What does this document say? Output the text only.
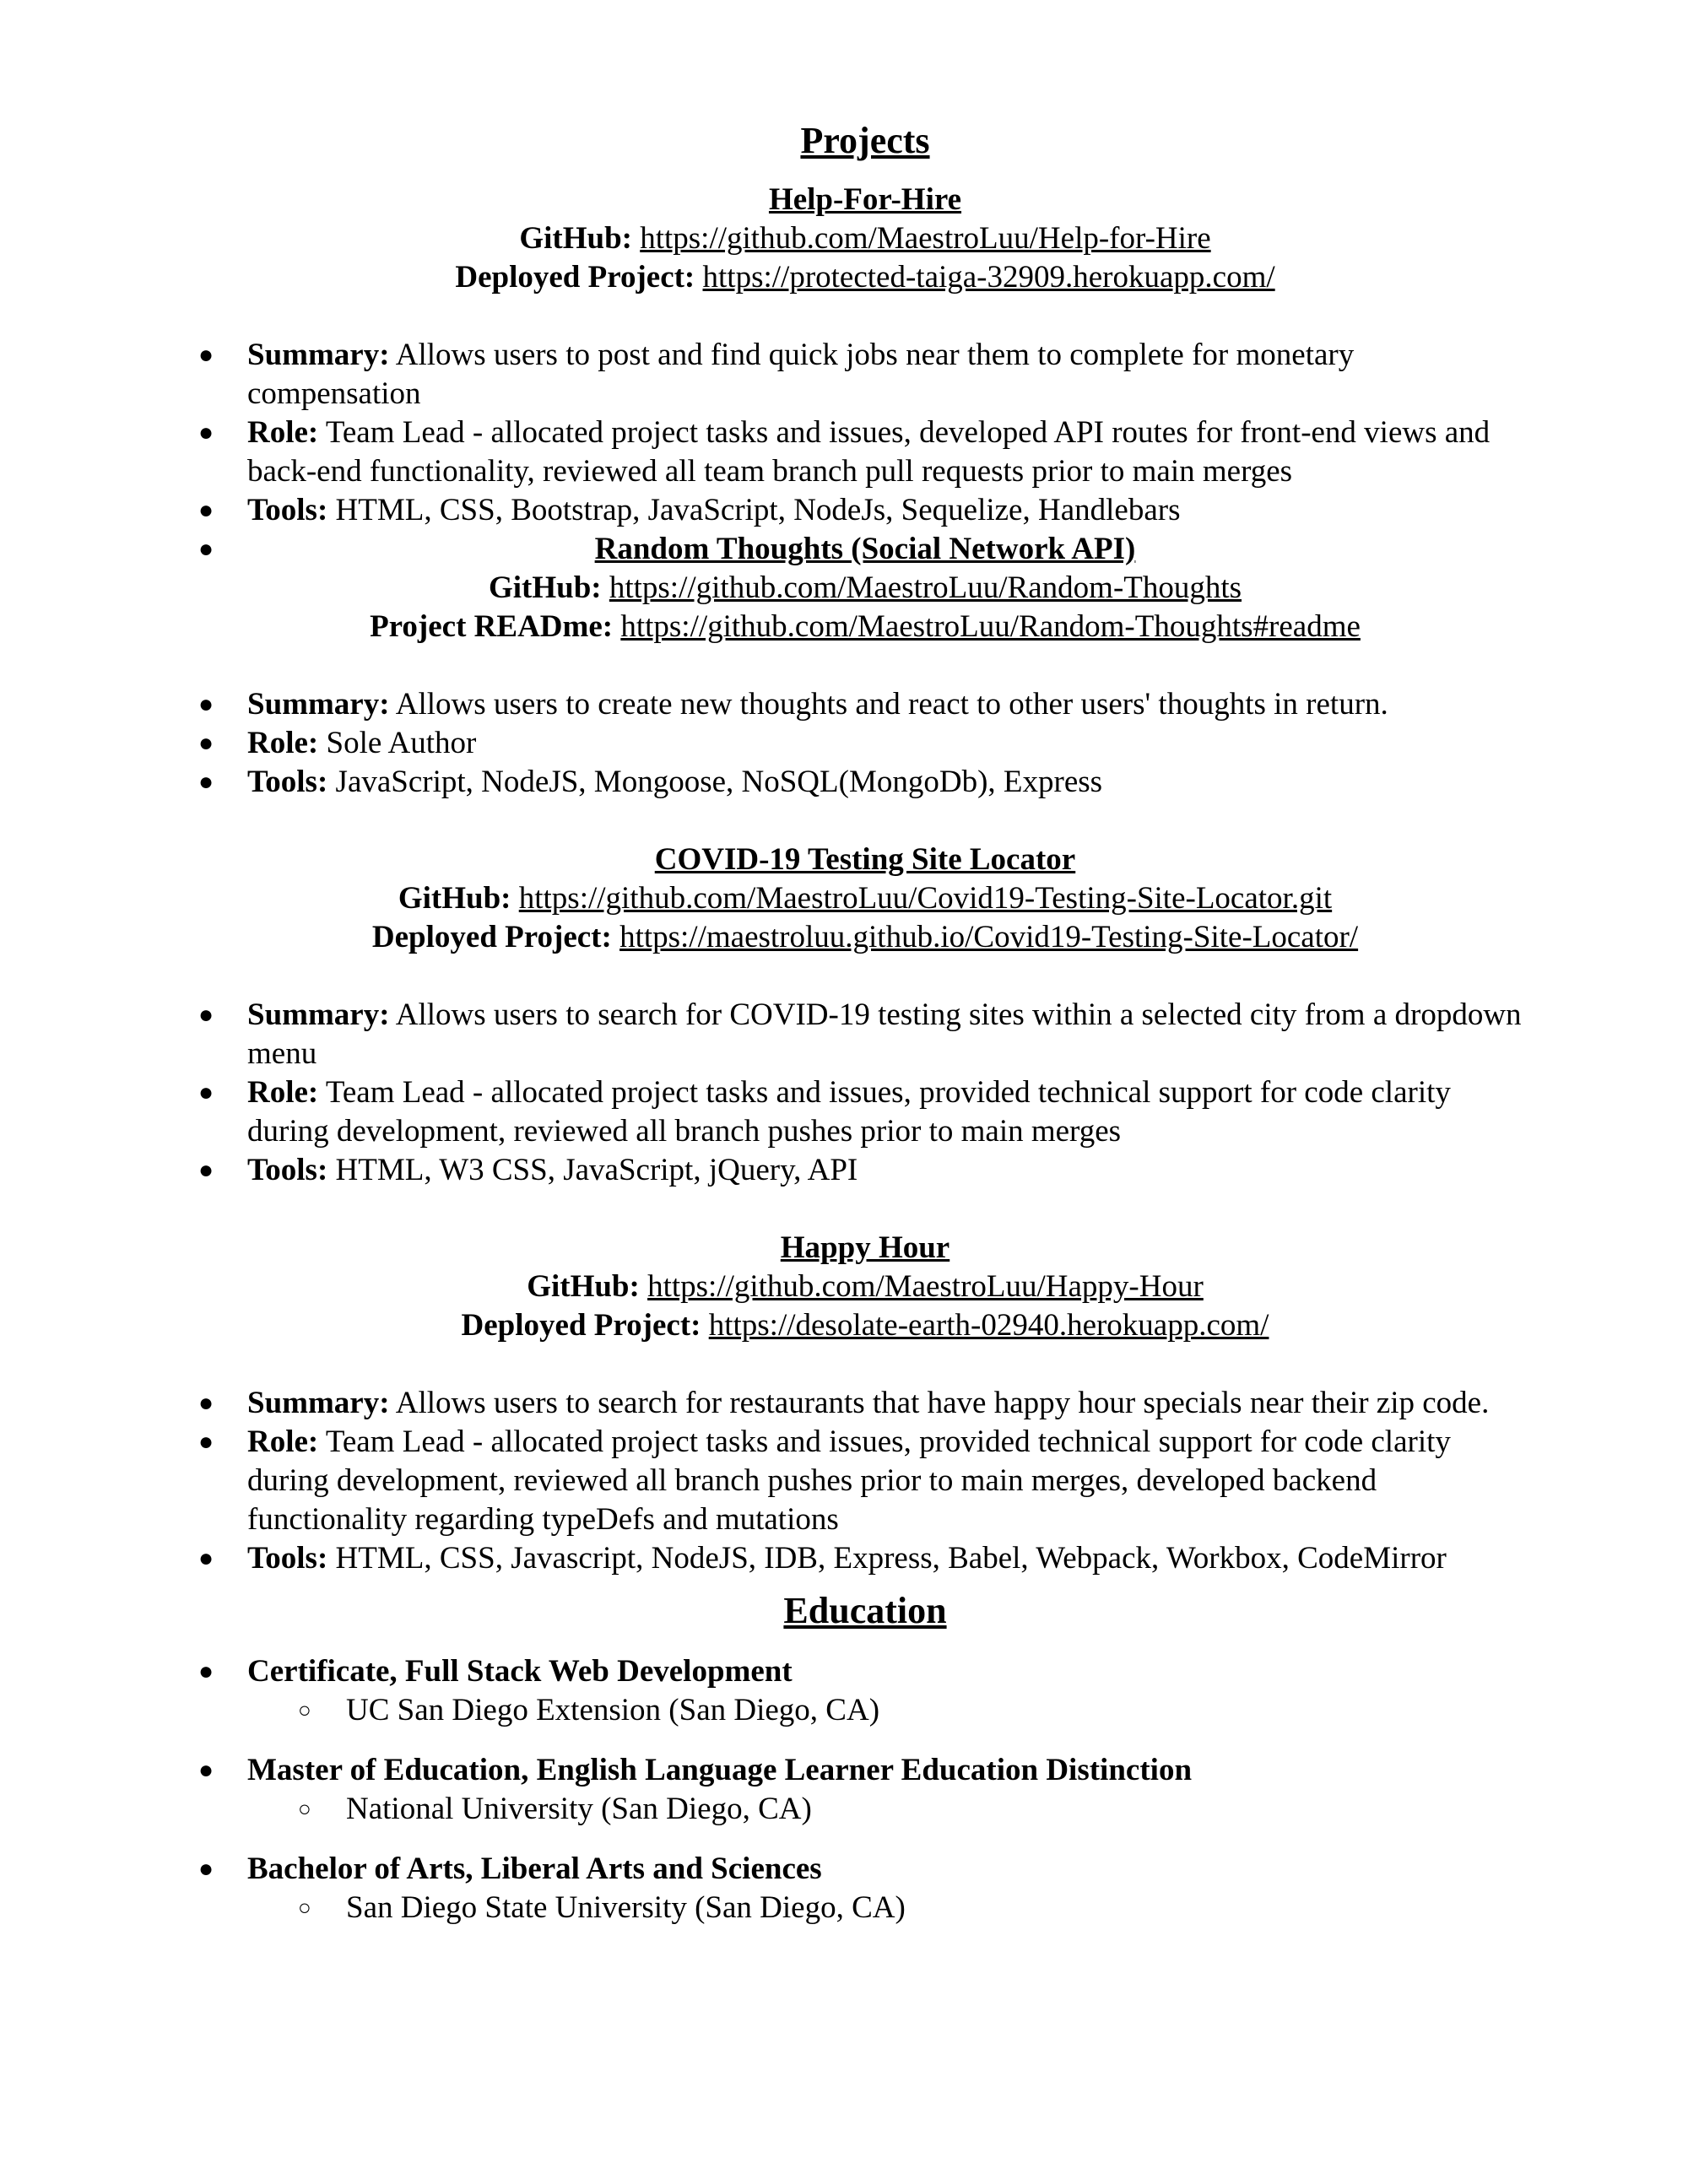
Projects
Help-For-Hire

GitHub: https://github.com/MaestroLuu/Help-for-Hire

Deployed Project: https://protected-taiga-32909.herokuapp.com/

●	Summary: Allows users to post and find quick jobs near them to complete for monetary compensation
●	Role: Team Lead - allocated project tasks and issues, developed API routes for front-end views and back-end functionality, reviewed all team branch pull requests prior to main merges
●	Tools: HTML, CSS, Bootstrap, JavaScript, NodeJs, Sequelize, Handlebars
●
	Random Thoughts (Social Network API)

GitHub: https://github.com/MaestroLuu/Random-Thoughts

Project READme: https://github.com/MaestroLuu/Random-Thoughts#readme

●	Summary: Allows users to create new thoughts and react to other users' thoughts in return.
●	Role: Sole Author
●	Tools: JavaScript, NodeJS, Mongoose, NoSQL(MongoDb), Express
COVID-19 Testing Site Locator

GitHub: https://github.com/MaestroLuu/Covid19-Testing-Site-Locator.git

Deployed Project: https://maestroluu.github.io/Covid19-Testing-Site-Locator/

●	Summary: Allows users to search for COVID-19 testing sites within a selected city from a dropdown menu
●	Role: Team Lead - allocated project tasks and issues, provided technical support for code clarity during development, reviewed all branch pushes prior to main merges
●	Tools: HTML, W3 CSS, JavaScript, jQuery, API
Happy Hour

GitHub: https://github.com/MaestroLuu/Happy-Hour

Deployed Project: https://desolate-earth-02940.herokuapp.com/

●	Summary: Allows users to search for restaurants that have happy hour specials near their zip code.
●	Role: Team Lead - allocated project tasks and issues, provided technical support for code clarity during development, reviewed all branch pushes prior to main merges, developed backend functionality regarding typeDefs and mutations
●	Tools: HTML, CSS, Javascript, NodeJS, IDB, Express, Babel, Webpack, Workbox, CodeMirror
Education
● Certificate, Full Stack Web Development
○ UC San Diego Extension (San Diego, CA)
● Master of Education, English Language Learner Education Distinction
○ National University (San Diego, CA)
● Bachelor of Arts, Liberal Arts and Sciences
○ San Diego State University (San Diego, CA)
